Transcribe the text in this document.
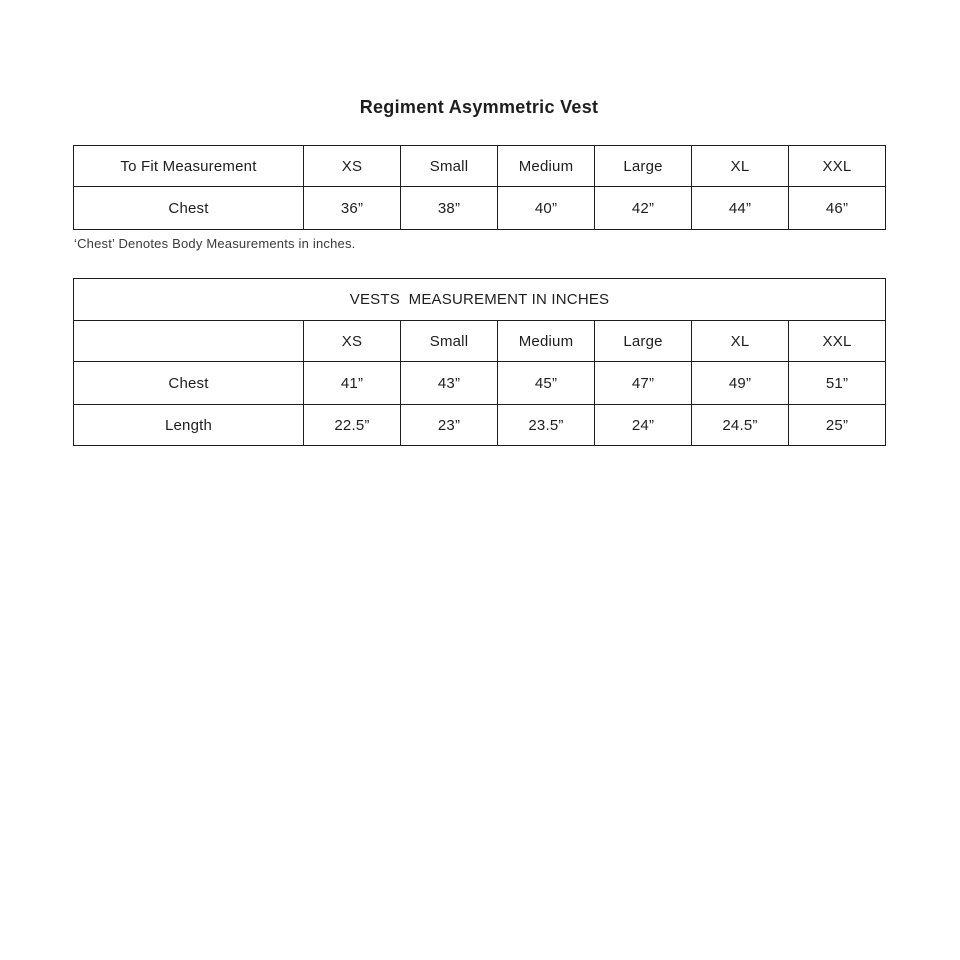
Regiment Asymmetric Vest
To Fit Measurement	XS	Small	Medium	Large	XL	XXL
Chest	36”	38”	40”	42”	44”	46”

‘Chest’ Denotes Body Measurements in inches.

VESTS  MEASUREMENT IN INCHES						
	XS	Small	Medium	Large	XL	XXL
Chest	41”	43”	45”	47”	49”	51”
Length	22.5”	23”	23.5”	24”	24.5”	25”
